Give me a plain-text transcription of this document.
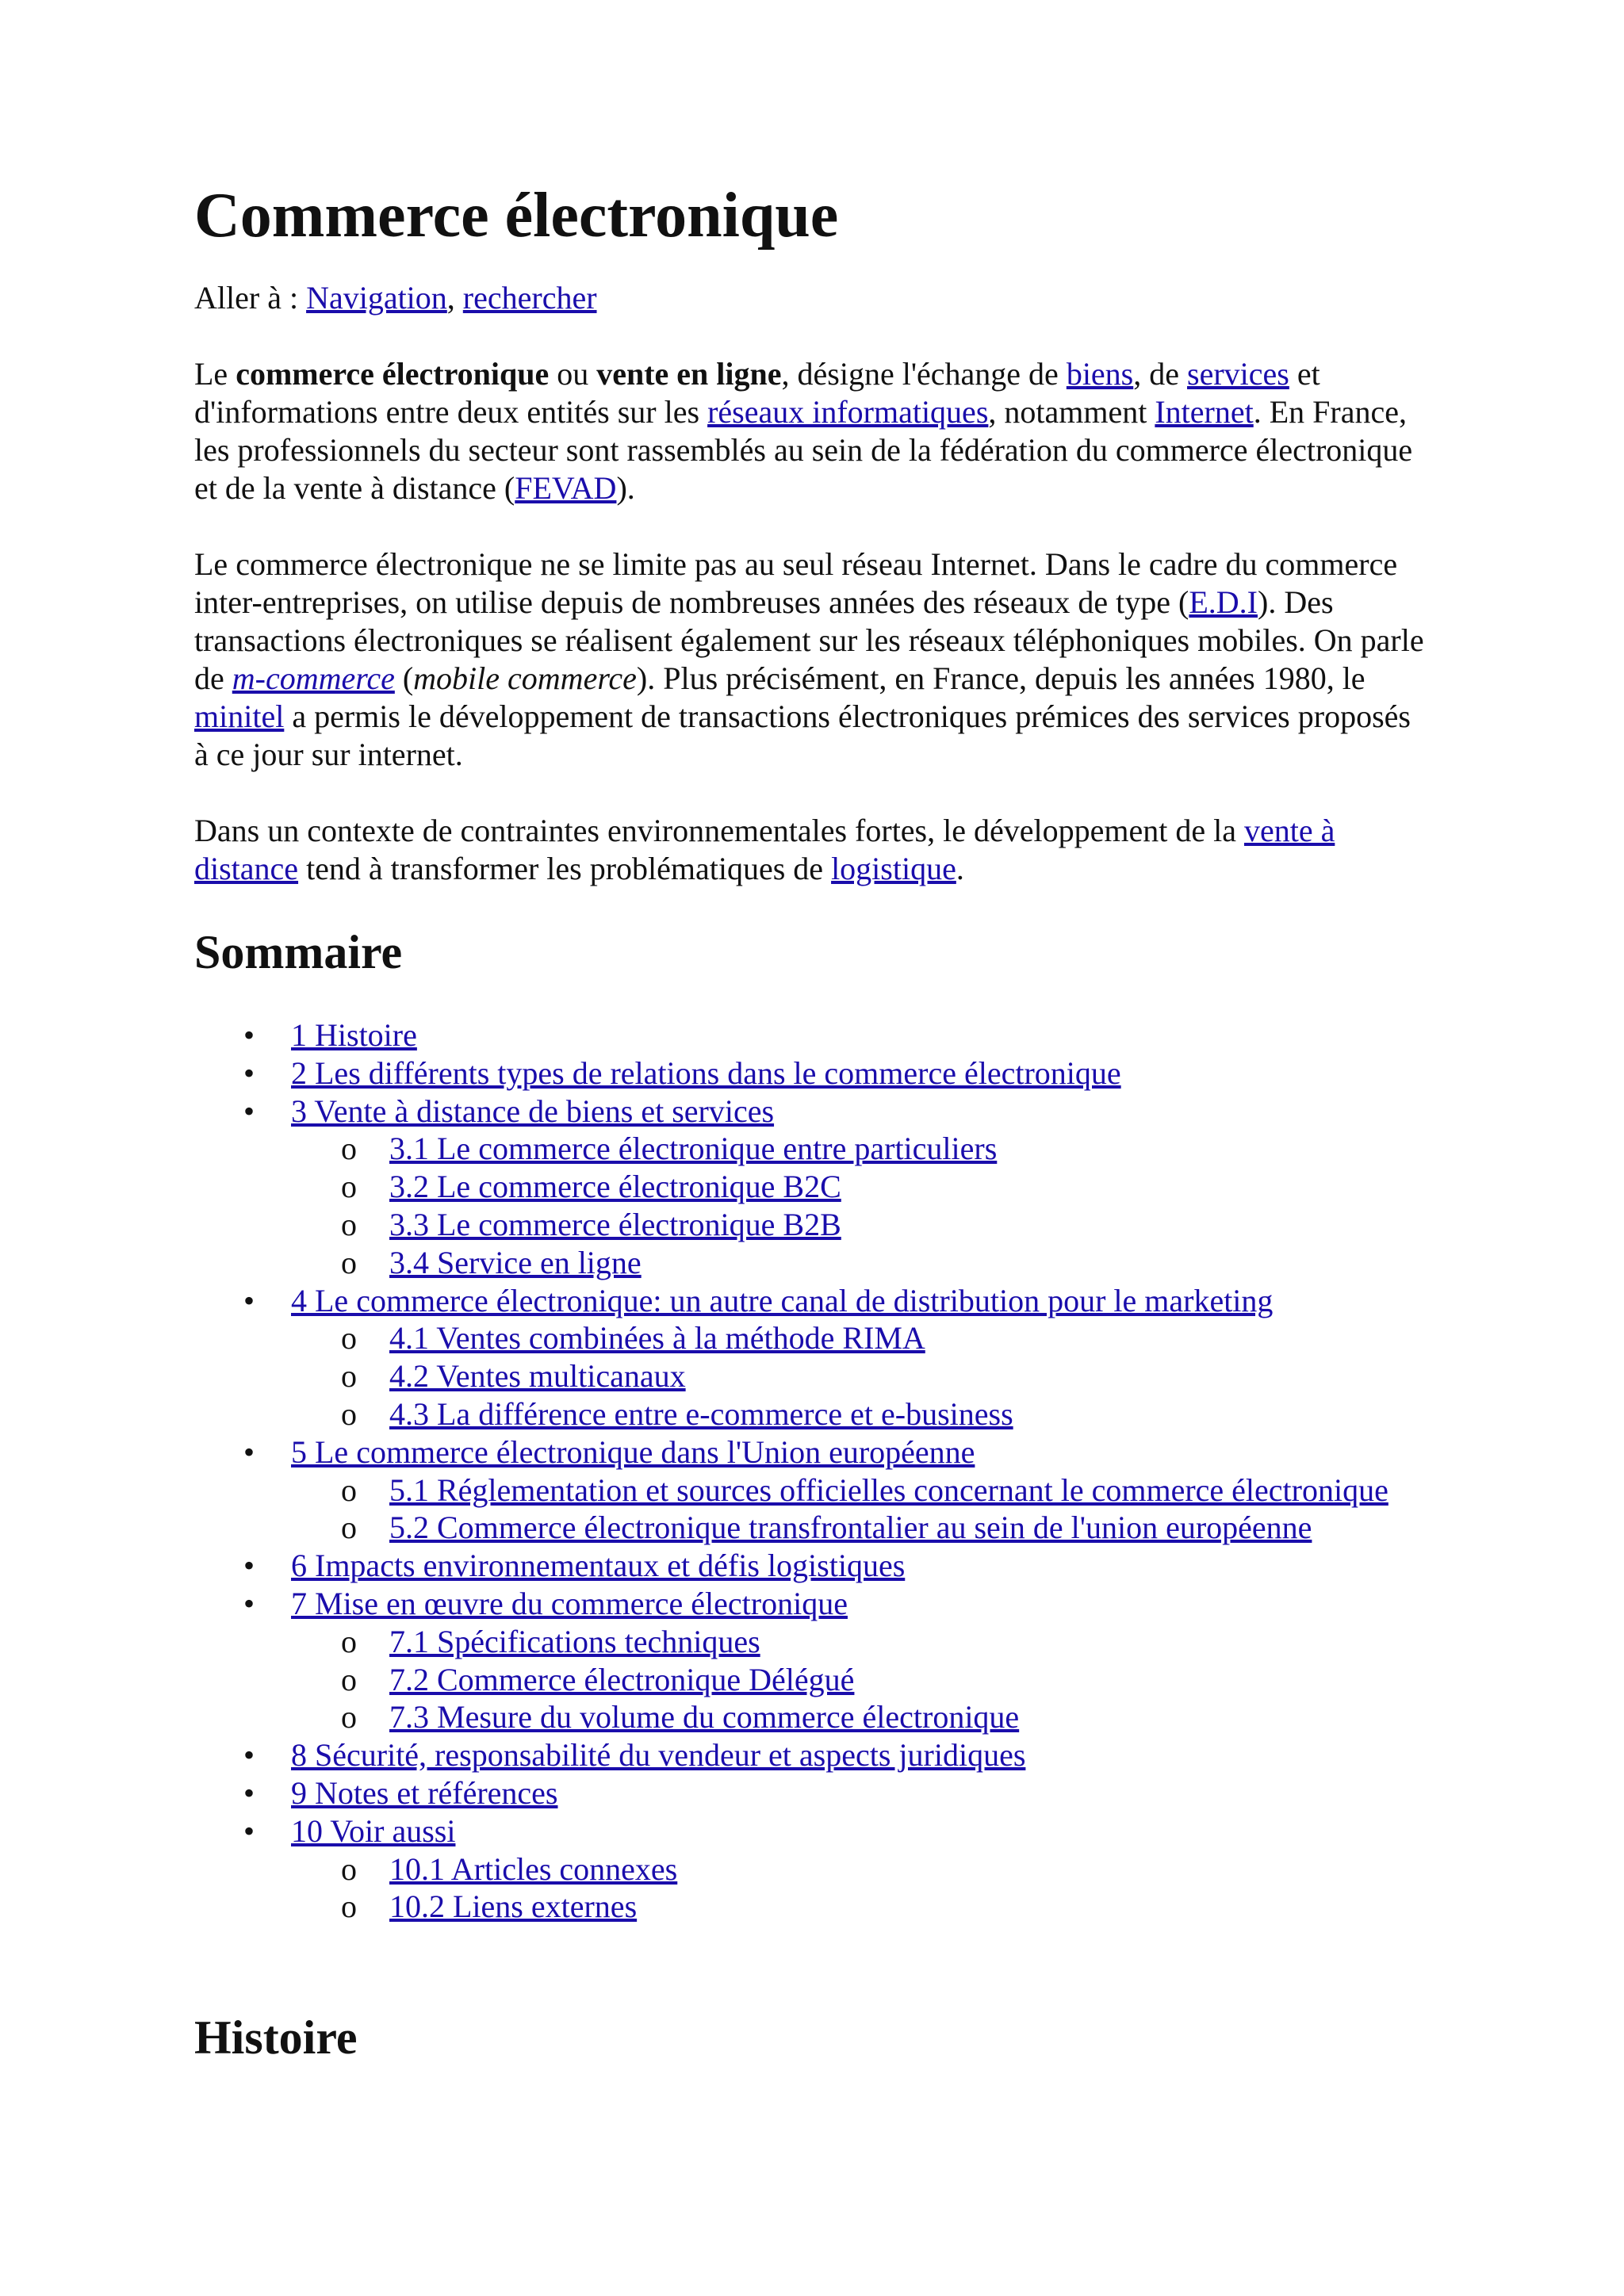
Commerce électronique

Aller à : Navigation, rechercher

Le commerce électronique ou vente en ligne, désigne l'échange de biens, de services et d'informations entre deux entités sur les réseaux informatiques, notamment Internet. En France, les professionnels du secteur sont rassemblés au sein de la fédération du commerce électronique et de la vente à distance (FEVAD).

Le commerce électronique ne se limite pas au seul réseau Internet. Dans le cadre du commerce inter-entreprises, on utilise depuis de nombreuses années des réseaux de type (E.D.I). Des transactions électroniques se réalisent également sur les réseaux téléphoniques mobiles. On parle de m-commerce (mobile commerce). Plus précisément, en France, depuis les années 1980, le minitel a permis le développement de transactions électroniques prémices des services proposés à ce jour sur internet.

Dans un contexte de contraintes environnementales fortes, le développement de la vente à distance tend à transformer les problématiques de logistique.

Sommaire
• 1 Histoire
• 2 Les différents types de relations dans le commerce électronique
• 3 Vente à distance de biens et services
o 3.1 Le commerce électronique entre particuliers
o 3.2 Le commerce électronique B2C
o 3.3 Le commerce électronique B2B
o 3.4 Service en ligne
• 4 Le commerce électronique: un autre canal de distribution pour le marketing
o 4.1 Ventes combinées à la méthode RIMA
o 4.2 Ventes multicanaux
o 4.3 La différence entre e-commerce et e-business
• 5 Le commerce électronique dans l'Union européenne
o 5.1 Réglementation et sources officielles concernant le commerce électronique
o 5.2 Commerce électronique transfrontalier au sein de l'union européenne
• 6 Impacts environnementaux et défis logistiques
• 7 Mise en œuvre du commerce électronique
o 7.1 Spécifications techniques
o 7.2 Commerce électronique Délégué
o 7.3 Mesure du volume du commerce électronique
• 8 Sécurité, responsabilité du vendeur et aspects juridiques
• 9 Notes et références
• 10 Voir aussi
o 10.1 Articles connexes
o 10.2 Liens externes
Histoire
